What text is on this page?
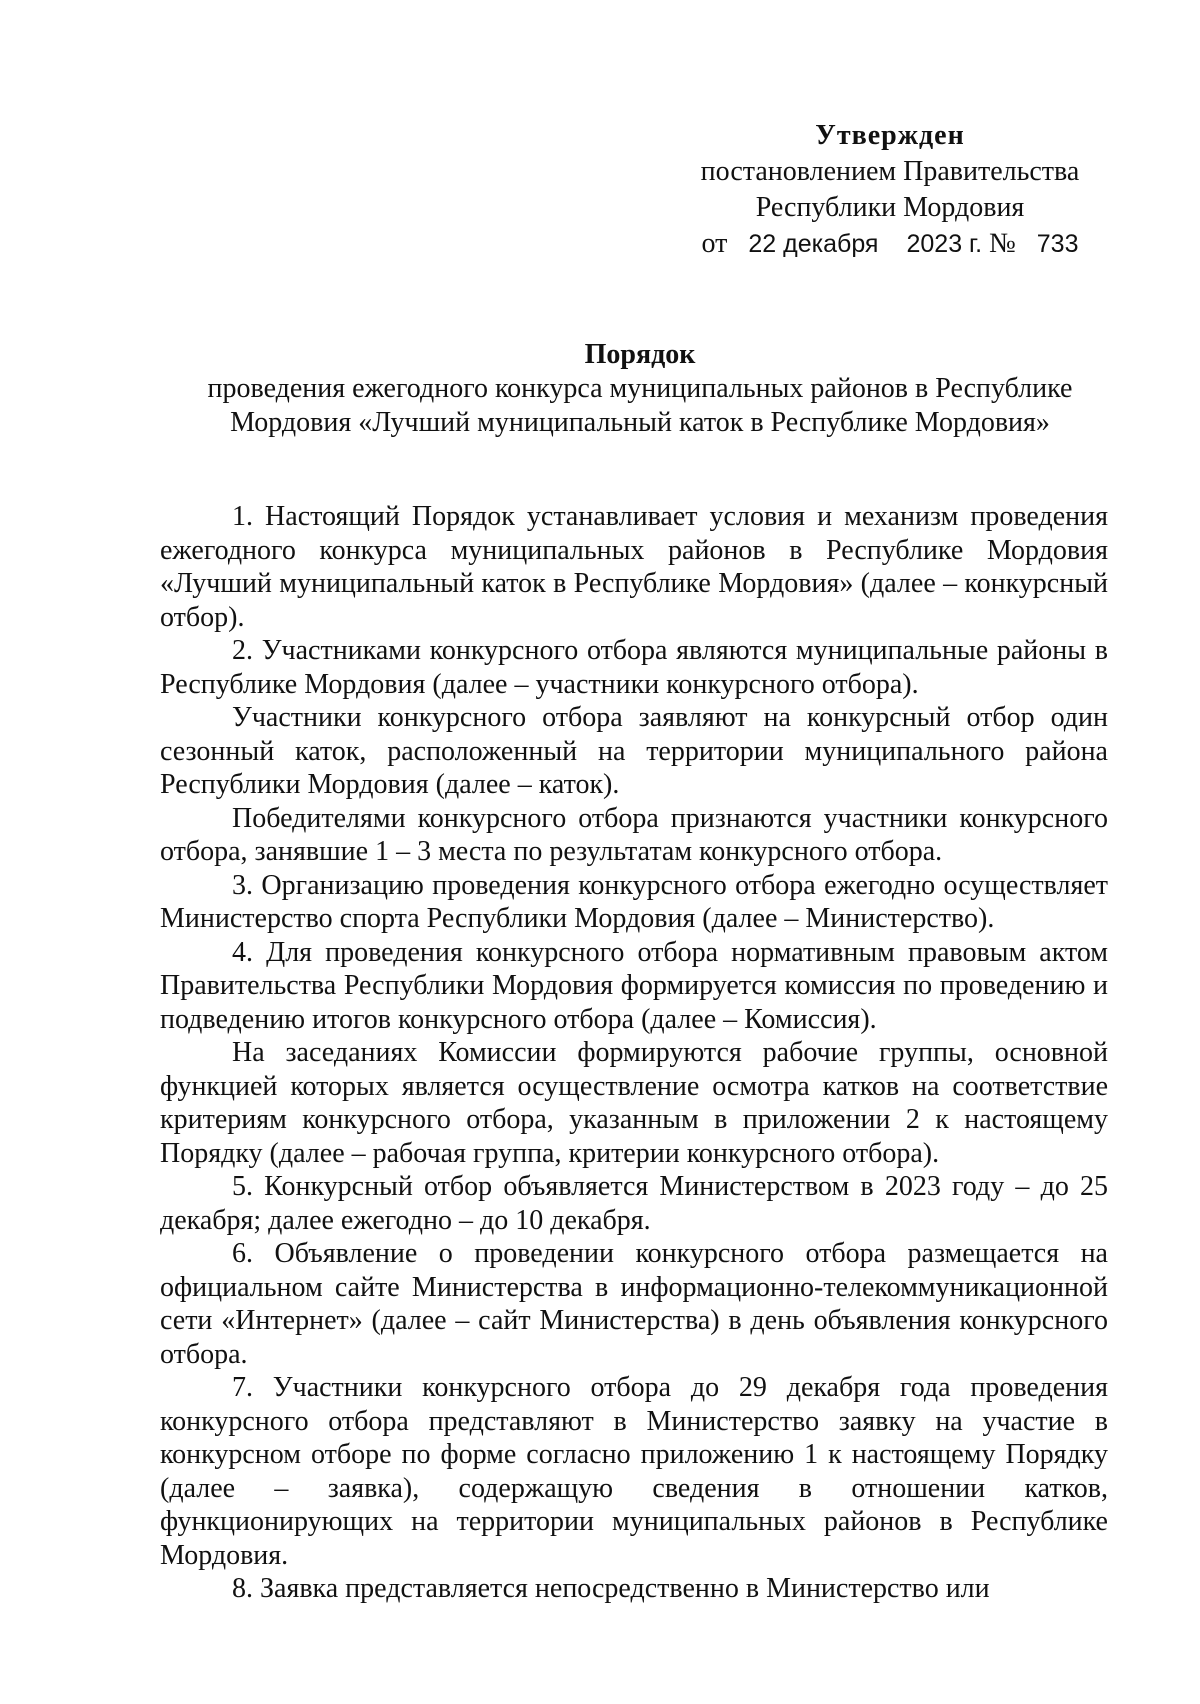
Утвержден
постановлением Правительства
Республики Мордовия
от 22 декабря 2023 г. № 733
Порядок
проведения ежегодного конкурса муниципальных районов в Республике
Мордовия «Лучший муниципальный каток в Республике Мордовия»

1. Настоящий Порядок устанавливает условия и механизм проведения ежегодного конкурса муниципальных районов в Республике Мордовия «Лучший муниципальный каток в Республике Мордовия» (далее – конкурсный отбор).

2. Участниками конкурсного отбора являются муниципальные районы в Республике Мордовия (далее – участники конкурсного отбора).

Участники конкурсного отбора заявляют на конкурсный отбор один сезонный каток, расположенный на территории муниципального района Республики Мордовия (далее – каток).

Победителями конкурсного отбора признаются участники конкурсного отбора, занявшие 1 – 3 места по результатам конкурсного отбора.

3. Организацию проведения конкурсного отбора ежегодно осуществляет Министерство спорта Республики Мордовия (далее – Министерство).

4. Для проведения конкурсного отбора нормативным правовым актом Правительства Республики Мордовия формируется комиссия по проведению и подведению итогов конкурсного отбора (далее – Комиссия).

На заседаниях Комиссии формируются рабочие группы, основной функцией которых является осуществление осмотра катков на соответствие критериям конкурсного отбора, указанным в приложении 2 к настоящему Порядку (далее – рабочая группа, критерии конкурсного отбора).

5. Конкурсный отбор объявляется Министерством в 2023 году – до 25 декабря; далее ежегодно – до 10 декабря.

6. Объявление о проведении конкурсного отбора размещается на официальном сайте Министерства в информационно-телекоммуникационной сети «Интернет» (далее – сайт Министерства) в день объявления конкурсного отбора.

7. Участники конкурсного отбора до 29 декабря года проведения конкурсного отбора представляют в Министерство заявку на участие в конкурсном отборе по форме согласно приложению 1 к настоящему Порядку (далее – заявка), содержащую сведения в отношении катков, функционирующих на территории муниципальных районов в Республике Мордовия.

8. Заявка представляется непосредственно в Министерство или
